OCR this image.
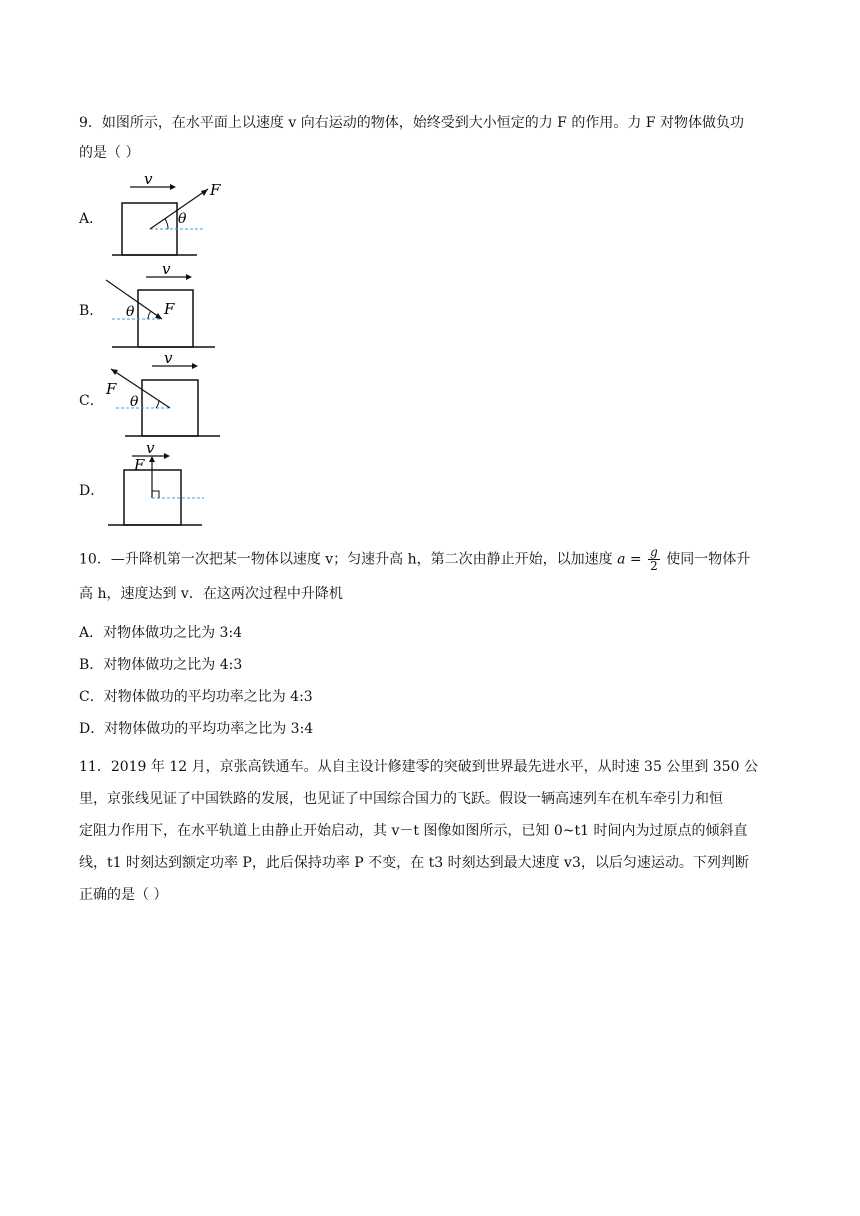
9．如图所示，在水平面上以速度 v 向右运动的物体，始终受到大小恒定的力 F 的作用。力 F 对物体做负功
的是（ ）
A．
v
F
θ
B．
v
F
θ
C．
v
F
θ
D．
v
F
10．—升降机第一次把某一物体以速度 v；匀速升高 h，第二次由静止开始，以加速度 $a = \frac{g}{2}$ 使同一物体升
高 h，速度达到 v．在这两次过程中升降机
A．对物体做功之比为 3:4
B．对物体做功之比为 4:3
C．对物体做功的平均功率之比为 4:3
D．对物体做功的平均功率之比为 3:4
11．2019 年 12 月，京张高铁通车。从自主设计修建零的突破到世界最先进水平，从时速 35 公里到 350 公
里，京张线见证了中国铁路的发展，也见证了中国综合国力的飞跃。假设一辆高速列车在机车牵引力和恒
定阻力作用下，在水平轨道上由静止开始启动，其 v－t 图像如图所示，已知 0~t1 时间内为过原点的倾斜直
线，t1 时刻达到额定功率 P，此后保持功率 P 不变，在 t3 时刻达到最大速度 v3，以后匀速运动。下列判断
正确的是（ ）
